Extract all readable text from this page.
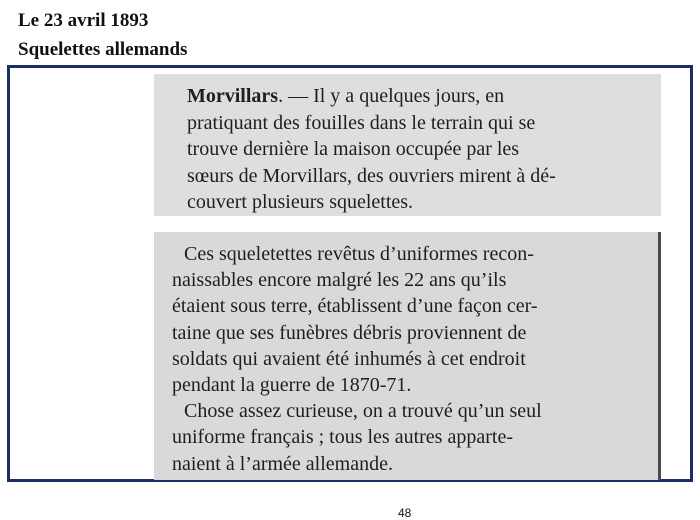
Le 23 avril 1893
Squelettes allemands
Morvillars. — Il y a quelques jours, en
pratiquant des fouilles dans le terrain qui se
trouve dernière la maison occupée par les
sœurs de Morvillars, des ouvriers mirent à dé-
couvert plusieurs squelettes.
Ces squeletettes revêtus d’uniformes recon-
naissables encore malgré les 22 ans qu’ils
étaient sous terre, établissent d’une façon cer-
taine que ses funèbres débris proviennent de
soldats qui avaient été inhumés à cet endroit
pendant la guerre de 1870-71.
Chose assez curieuse, on a trouvé qu’un seul
uniforme français ; tous les autres apparte-
naient à l’armée allemande.
48
